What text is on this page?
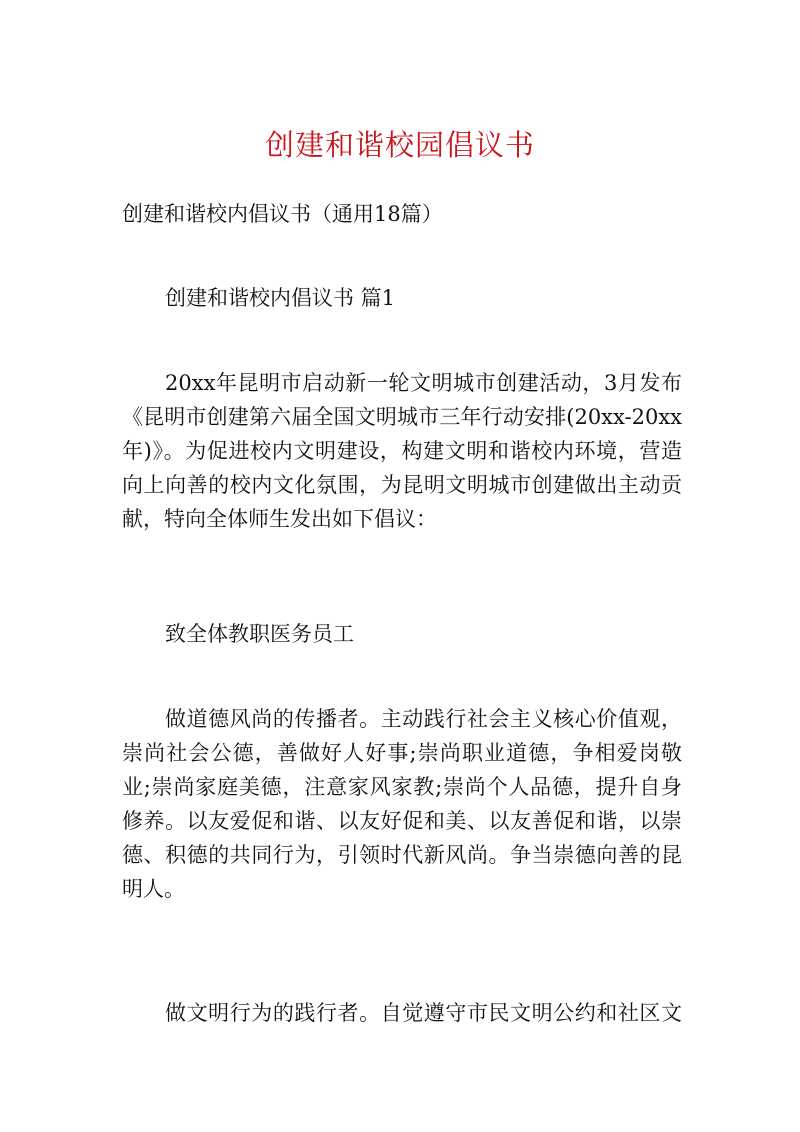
创建和谐校园倡议书
创建和谐校内倡议书（通用18篇）
创建和谐校内倡议书 篇1
20xx年昆明市启动新一轮文明城市创建活动，3月发布
《昆明市创建第六届全国文明城市三年行动安排(20xx-20xx
年)》。为促进校内文明建设，构建文明和谐校内环境，营造
向上向善的校内文化氛围，为昆明文明城市创建做出主动贡
献，特向全体师生发出如下倡议：
致全体教职医务员工
做道德风尚的传播者。主动践行社会主义核心价值观，
崇尚社会公德，善做好人好事;崇尚职业道德，争相爱岗敬
业;崇尚家庭美德，注意家风家教;崇尚个人品德，提升自身
修养。以友爱促和谐、以友好促和美、以友善促和谐，以崇
德、积德的共同行为，引领时代新风尚。争当崇德向善的昆
明人。
做文明行为的践行者。自觉遵守市民文明公约和社区文
